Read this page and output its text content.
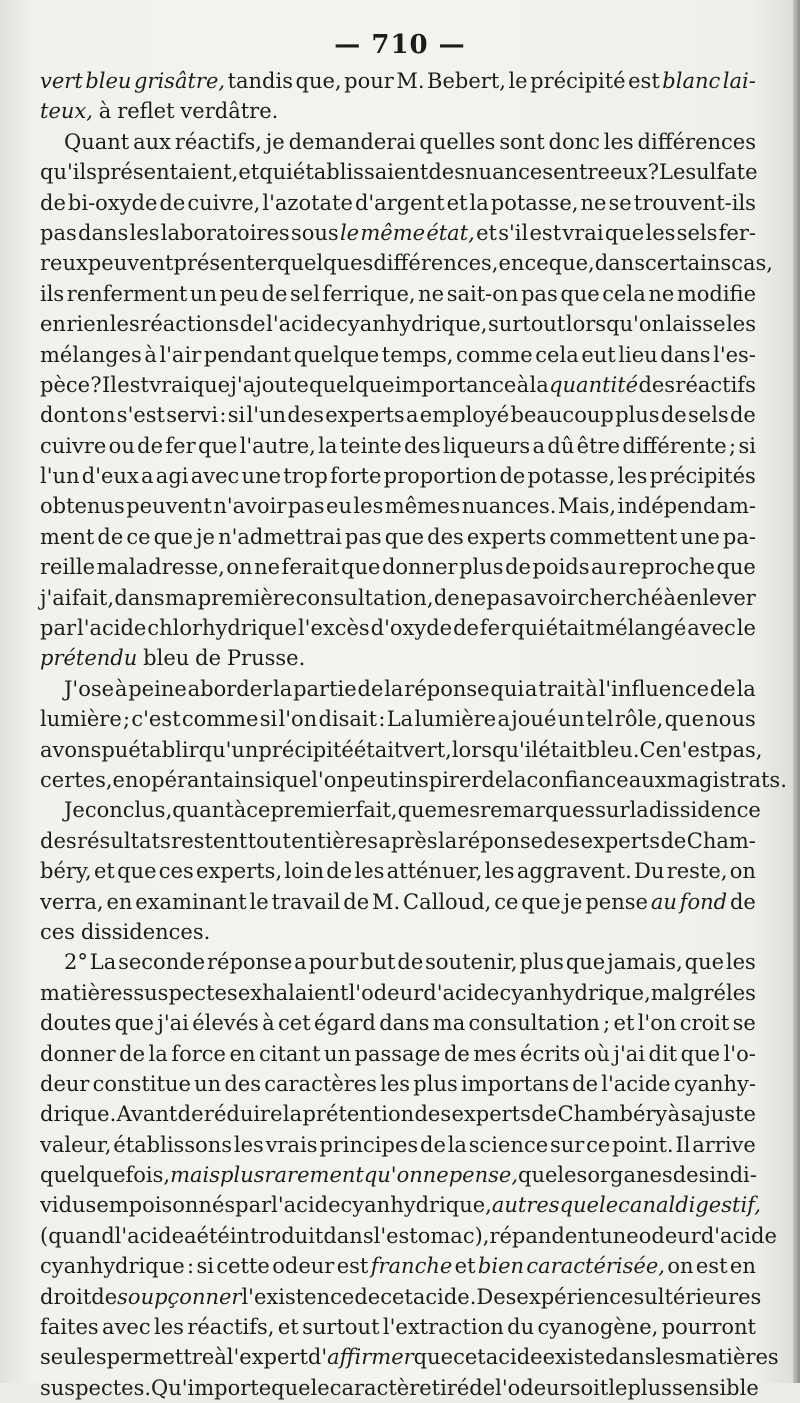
— 710 —
vert bleu grisâtre, tandis que, pour M. Bebert, le précipité est blanc lai-
teux, à reflet verdâtre.
Quant aux réactifs, je demanderai quelles sont donc les différences
qu'ils présentaient, et qui établissaient des nuances entre eux ? Le sulfate
de bi-oxyde de cuivre, l'azotate d'argent et la potasse, ne se trouvent-ils
pas dans les laboratoires sous le même état, et s'il est vrai que les sels fer-
reux peuvent présenter quelques différences, en ce que, dans certains cas,
ils renferment un peu de sel ferrique, ne sait-on pas que cela ne modifie
en rien les réactions de l'acide cyanhydrique, surtout lorsqu'on laisse les
mélanges à l'air pendant quelque temps, comme cela eut lieu dans l'es-
pèce ? Il est vrai que j'ajoute quelque importance à la quantité des réactifs
dont on s'est servi : si l'un des experts a employé beaucoup plus de sels de
cuivre ou de fer que l'autre, la teinte des liqueurs a dû être différente ; si
l'un d'eux a agi avec une trop forte proportion de potasse, les précipités
obtenus peuvent n'avoir pas eu les mêmes nuances. Mais, indépendam-
ment de ce que je n'admettrai pas que des experts commettent une pa-
reille maladresse, on ne ferait que donner plus de poids au reproche que
j'ai fait, dans ma première consultation, de ne pas avoir cherché à enlever
par l'acide chlorhydrique l'excès d'oxyde de fer qui était mélangé avec le
prétendu bleu de Prusse.
J'ose à peine aborder la partie de la réponse qui a trait à l'influence de la
lumière ; c'est comme si l'on disait : La lumière a joué un tel rôle, que nous
avons pu établir qu'un précipité était vert, lorsqu'il était bleu. Ce n'est pas,
certes, en opérant ainsi que l'on peut inspirer de la confiance aux magistrats.
Je conclus, quant à ce premier fait, que mes remarques sur la dissidence
des résultats restent tout entières après la réponse des experts de Cham-
béry, et que ces experts, loin de les atténuer, les aggravent. Du reste, on
verra, en examinant le travail de M. Calloud, ce que je pense au fond de
ces dissidences.
2° La seconde réponse a pour but de soutenir, plus que jamais, que les
matières suspectes exhalaient l'odeur d'acide cyanhydrique, malgré les
doutes que j'ai élevés à cet égard dans ma consultation ; et l'on croit se
donner de la force en citant un passage de mes écrits où j'ai dit que l'o-
deur constitue un des caractères les plus importans de l'acide cyanhy-
drique. Avant de réduire la prétention des experts de Chambéry à sa juste
valeur, établissons les vrais principes de la science sur ce point. Il arrive
quelquefois, mais plus rarement qu'on ne pense, que les organes des indi-
vidus empoisonnés par l'acide cyanhydrique, autres que le canal digestif,
(quand l'acide a été introduit dans l'estomac), répandent une odeur d'acide
cyanhydrique : si cette odeur est franche et bien caractérisée, on est en
droit de soupçonner l'existence de cet acide. Des expériences ultérieures
faites avec les réactifs, et surtout l'extraction du cyanogène, pourront
seules permettre à l'expert d' affirmer que cet acide existe dans les matières
suspectes. Qu'importe que le caractère tiré de l'odeur soit le plus sensible
